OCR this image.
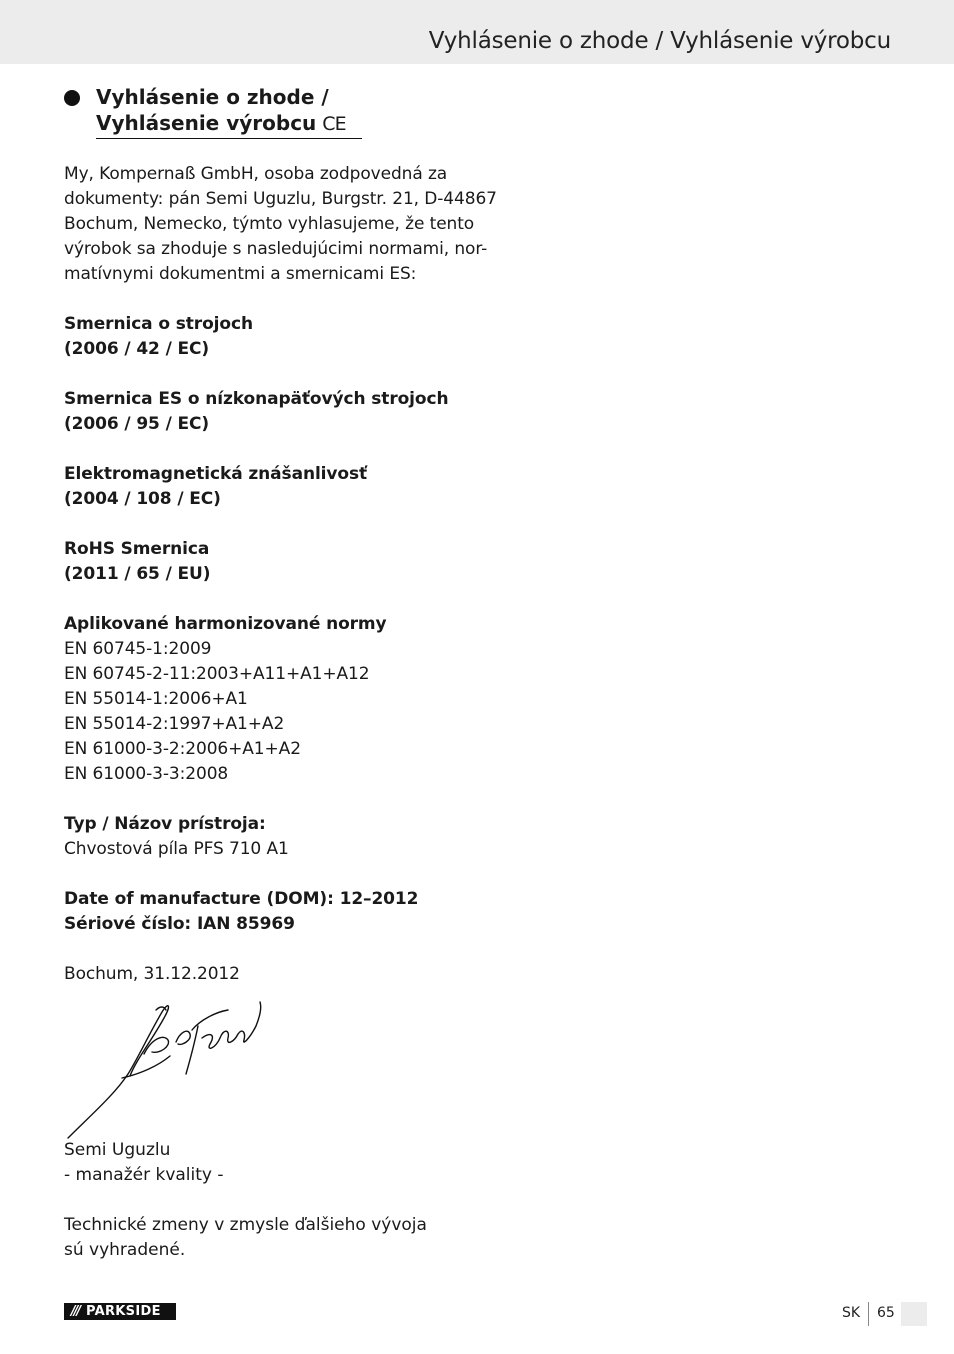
Vyhlásenie o zhode / Vyhlásenie výrobcu
Vyhlásenie o zhode /
Vyhlásenie výrobcu CE

My, Kompernaß GmbH, osoba zodpovedná za
dokumenty: pán Semi Uguzlu, Burgstr. 21, D-44867
Bochum, Nemecko, týmto vyhlasujeme, že tento
výrobok sa zhoduje s nasledujúcimi normami, nor-
matívnymi dokumentmi a smernicami ES:

Smernica o strojoch
(2006 / 42 / EC)

Smernica ES o nízkonapäťových strojoch
(2006 / 95 / EC)

Elektromagnetická znášanlivosť
(2004 / 108 / EC)

RoHS Smernica
(2011 / 65 / EU)

Aplikované harmonizované normy
EN 60745-1:2009
EN 60745-2-11:2003+A11+A1+A12
EN 55014-1:2006+A1
EN 55014-2:1997+A1+A2
EN 61000-3-2:2006+A1+A2
EN 61000-3-3:2008

Typ / Názov prístroja:
Chvostová píla PFS 710 A1

Date of manufacture (DOM): 12–2012
Sériové číslo: IAN 85969

Bochum, 31.12.2012

Semi Uguzlu
- manažér kvality -

Technické zmeny v zmysle ďalšieho vývoja
sú vyhradené.
/// PARKSIDE	SK 65
